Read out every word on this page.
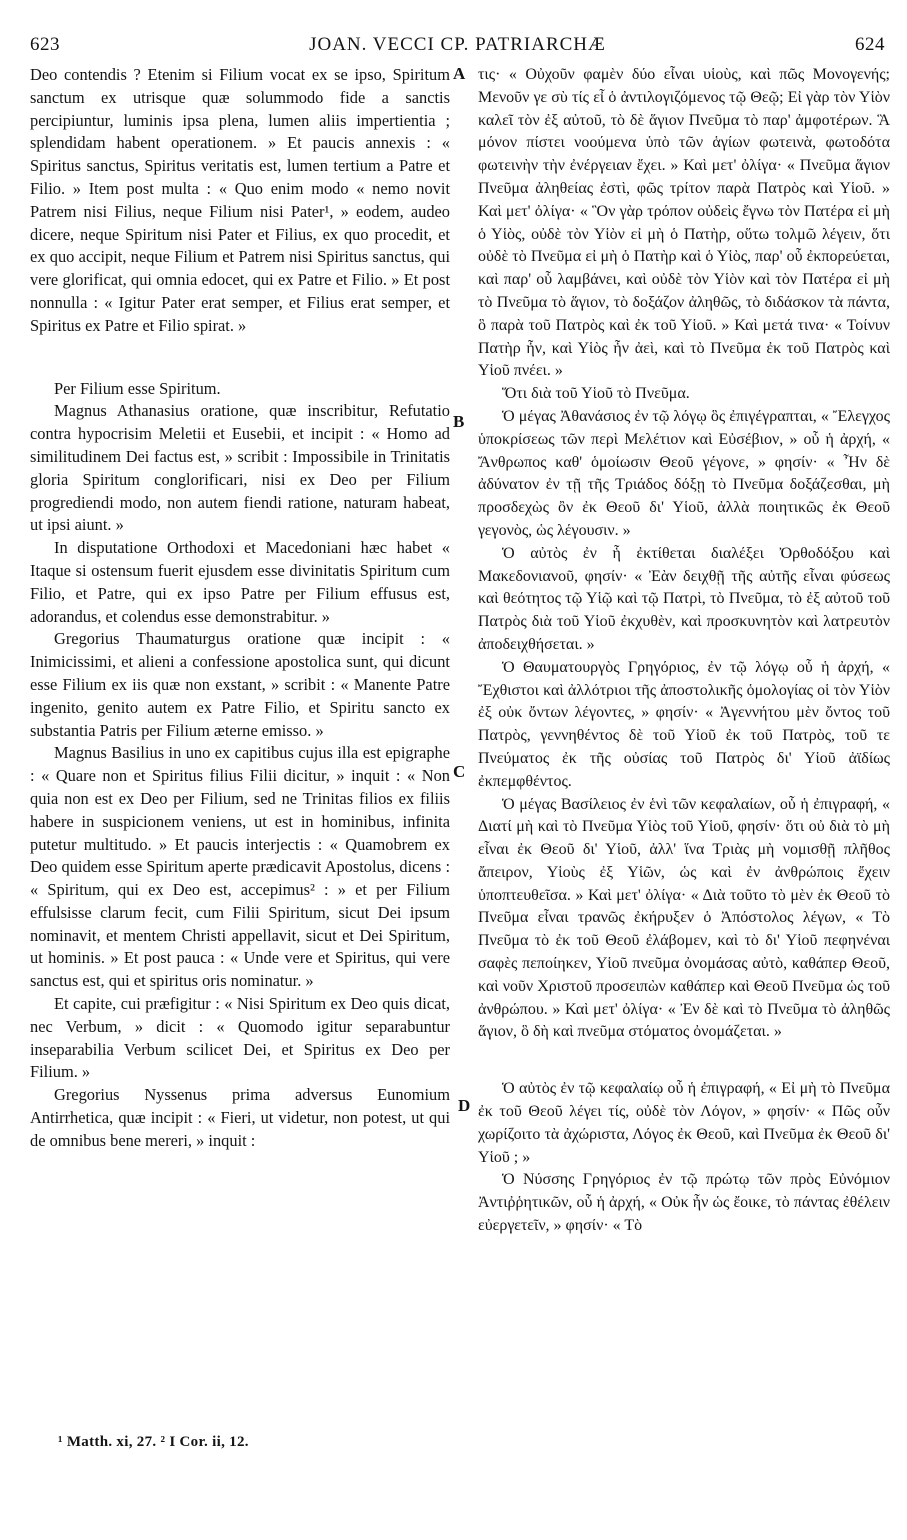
623	JOAN. VECCI CP. PATRIARCHÆ	624

Deo contendis ? Etenim si Filium vocat ex se ipso, Spiritum sanctum ex utrisque quæ solummodo fide a sanctis percipiuntur, luminis ipsa plena, lumen aliis impertientia ; splendidam habent operationem. » Et paucis annexis : « Spiritus sanctus, Spiritus veritatis est, lumen tertium a Patre et Filio. » Item post multa : « Quo enim modo « nemo novit Patrem nisi Filius, neque Filium nisi Pater¹, » eodem, audeo dicere, neque Spiritum nisi Pater et Filius, ex quo procedit, et ex quo accipit, neque Filium et Patrem nisi Spiritus sanctus, qui vere glorificat, qui omnia edocet, qui ex Patre et Filio. » Et post nonnulla : « Igitur Pater erat semper, et Filius erat semper, et Spiritus ex Patre et Filio spirat. »

Per Filium esse Spiritum.

Magnus Athanasius oratione, quæ inscribitur, Refutatio contra hypocrisim Meletii et Eusebii, et incipit : « Homo ad similitudinem Dei factus est, » scribit : Impossibile in Trinitatis gloria Spiritum conglorificari, nisi ex Deo per Filium progrediendi modo, non autem fiendi ratione, naturam habeat, ut ipsi aiunt. »

In disputatione Orthodoxi et Macedoniani hæc habet « Itaque si ostensum fuerit ejusdem esse divinitatis Spiritum cum Filio, et Patre, qui ex ipso Patre per Filium effusus est, adorandus, et colendus esse demonstrabitur. »

Gregorius Thaumaturgus oratione quæ incipit : « Inimicissimi, et alieni a confessione apostolica sunt, qui dicunt esse Filium ex iis quæ non exstant, » scribit : « Manente Patre ingenito, genito autem ex Patre Filio, et Spiritu sancto ex substantia Patris per Filium æterne emisso. »

Magnus Basilius in uno ex capitibus cujus illa est epigraphe : « Quare non et Spiritus filius Filii dicitur, » inquit : « Non quia non est ex Deo per Filium, sed ne Trinitas filios ex filiis habere in suspicionem veniens, ut est in hominibus, infinita putetur multitudo. » Et paucis interjectis : « Quamobrem ex Deo quidem esse Spiritum aperte prædicavit Apostolus, dicens : « Spiritum, qui ex Deo est, accepimus² : » et per Filium effulsisse clarum fecit, cum Filii Spiritum, sicut Dei ipsum nominavit, et mentem Christi appellavit, sicut et Dei Spiritum, ut hominis. » Et post pauca : « Unde vere et Spiritus, qui vere sanctus est, qui et spiritus oris nominatur. »

Et capite, cui præfigitur : « Nisi Spiritum ex Deo quis dicat, nec Verbum, » dicit : « Quomodo igitur separabuntur inseparabilia Verbum scilicet Dei, et Spiritus ex Deo per Filium. »

Gregorius Nyssenus prima adversus Eunomium Antirrhetica, quæ incipit : « Fieri, ut videtur, non potest, ut qui de omnibus bene mereri, » inquit :

τις· « Οὐχοῦν φαμὲν δύο εἶναι υἱοὺς, καὶ πῶς Μονογενής; Μενοῦν γε σὺ τίς εἶ ὁ ἀντιλογιζόμενος τῷ Θεῷ; Εἰ γὰρ τὸν Υἱὸν καλεῖ τὸν ἐξ αὐτοῦ, τὸ δὲ ἅγιον Πνεῦμα τὸ παρ' ἀμφοτέρων. Ἃ μόνον πίστει νοούμενα ὑπὸ τῶν ἁγίων φωτεινὰ, φωτοδότα φωτεινὴν τὴν ἐνέργειαν ἔχει. » Καὶ μετ' ὀλίγα· « Πνεῦμα ἅγιον Πνεῦμα ἀληθείας ἐστὶ, φῶς τρίτον παρὰ Πατρὸς καὶ Υἱοῦ. » Καὶ μετ' ὀλίγα· « Ὃν γὰρ τρόπον οὐδεὶς ἔγνω τὸν Πατέρα εἰ μὴ ὁ Υἱὸς, οὐδὲ τὸν Υἱὸν εἰ μὴ ὁ Πατὴρ, οὕτω τολμῶ λέγειν, ὅτι οὐδὲ τὸ Πνεῦμα εἰ μὴ ὁ Πατὴρ καὶ ὁ Υἱὸς, παρ' οὗ ἐκπορεύεται, καὶ παρ' οὗ λαμβάνει, καὶ οὐδὲ τὸν Υἱὸν καὶ τὸν Πατέρα εἰ μὴ τὸ Πνεῦμα τὸ ἅγιον, τὸ δοξάζον ἀληθῶς, τὸ διδάσκον τὰ πάντα, ὃ παρὰ τοῦ Πατρὸς καὶ ἐκ τοῦ Υἱοῦ. » Καὶ μετά τινα· « Τοίνυν Πατὴρ ἦν, καὶ Υἱὸς ἦν ἀεὶ, καὶ τὸ Πνεῦμα ἐκ τοῦ Πατρὸς καὶ Υἱοῦ πνέει. »

Ὅτι διὰ τοῦ Υἱοῦ τὸ Πνεῦμα.

Ὁ μέγας Ἀθανάσιος ἐν τῷ λόγῳ ὃς ἐπιγέγραπται, « Ἔλεγχος ὑποκρίσεως τῶν περὶ Μελέτιον καὶ Εὐσέβιον, » οὗ ἡ ἀρχή, « Ἄνθρωπος καθ' ὁμοίωσιν Θεοῦ γέγονε, » φησίν· « Ἦν δὲ ἀδύνατον ἐν τῇ τῆς Τριάδος δόξῃ τὸ Πνεῦμα δοξάζεσθαι, μὴ προσδεχὼς ὂν ἐκ Θεοῦ δι' Υἱοῦ, ἀλλὰ ποιητικῶς ἐκ Θεοῦ γεγονὸς, ὡς λέγουσιν. »

Ὁ αὐτὸς ἐν ἧ ἐκτίθεται διαλέξει Ὀρθοδόξου καὶ Μακεδονιανοῦ, φησίν· « Ἐὰν δειχθῇ τῆς αὐτῆς εἶναι φύσεως καὶ θεότητος τῷ Υἱῷ καὶ τῷ Πατρὶ, τὸ Πνεῦμα, τὸ ἐξ αὐτοῦ τοῦ Πατρὸς διὰ τοῦ Υἱοῦ ἐκχυθὲν, καὶ προσκυνητὸν καὶ λατρευτὸν ἀποδειχθήσεται. »

Ὁ Θαυματουργὸς Γρηγόριος, ἐν τῷ λόγῳ οὗ ἡ ἀρχή, « Ἔχθιστοι καὶ ἀλλότριοι τῆς ἀποστολικῆς ὁμολογίας οἱ τὸν Υἱὸν ἐξ οὐκ ὄντων λέγοντες, » φησίν· « Ἀγεννήτου μὲν ὄντος τοῦ Πατρὸς, γεννηθέντος δὲ τοῦ Υἱοῦ ἐκ τοῦ Πατρὸς, τοῦ τε Πνεύματος ἐκ τῆς οὐσίας τοῦ Πατρὸς δι' Υἱοῦ ἀϊδίως ἐκπεμφθέντος.

Ὁ μέγας Βασίλειος ἐν ἑνὶ τῶν κεφαλαίων, οὗ ἡ ἐπιγραφή, « Διατί μὴ καὶ τὸ Πνεῦμα Υἱὸς τοῦ Υἱοῦ, φησίν· ὅτι οὐ διὰ τὸ μὴ εἶναι ἐκ Θεοῦ δι' Υἱοῦ, ἀλλ' ἵνα Τριὰς μὴ νομισθῇ πλῆθος ἄπειρον, Υἱοὺς ἐξ Υἱῶν, ὡς καὶ ἐν ἀνθρώποις ἔχειν ὑποπτευθεῖσα. » Καὶ μετ' ὀλίγα· « Διὰ τοῦτο τὸ μὲν ἐκ Θεοῦ τὸ Πνεῦμα εἶναι τρανῶς ἐκήρυξεν ὁ Ἀπόστολος λέγων, « Τὸ Πνεῦμα τὸ ἐκ τοῦ Θεοῦ ἐλάβομεν, καὶ τὸ δι' Υἱοῦ πεφηνέναι σαφὲς πεποίηκεν, Υἱοῦ πνεῦμα ὀνομάσας αὐτὸ, καθάπερ Θεοῦ, καὶ νοῦν Χριστοῦ προσειπὼν καθάπερ καὶ Θεοῦ Πνεῦμα ὡς τοῦ ἀνθρώπου. » Καὶ μετ' ὀλίγα· « Ἐν δὲ καὶ τὸ Πνεῦμα τὸ ἀληθῶς ἅγιον, ὃ δὴ καὶ πνεῦμα στόματος ὀνομάζεται. »

Ὁ αὐτὸς ἐν τῷ κεφαλαίῳ οὗ ἡ ἐπιγραφή, « Εἰ μὴ τὸ Πνεῦμα ἐκ τοῦ Θεοῦ λέγει τίς, οὐδὲ τὸν Λόγον, » φησίν· « Πῶς οὖν χωρίζοιτο τὰ ἀχώριστα, Λόγος ἐκ Θεοῦ, καὶ Πνεῦμα ἐκ Θεοῦ δι' Υἱοῦ ; »

Ὁ Νύσσης Γρηγόριος ἐν τῷ πρώτῳ τῶν πρὸς Εὐνόμιον Ἀντιῤῥητικῶν, οὗ ἡ ἀρχή, « Οὐκ ἦν ὡς ἔοικε, τὸ πάντας ἐθέλειν εὐεργετεῖν, » φησίν· « Τὸ

A
B
C
D
¹ Matth. xi, 27. ² I Cor. ii, 12.
